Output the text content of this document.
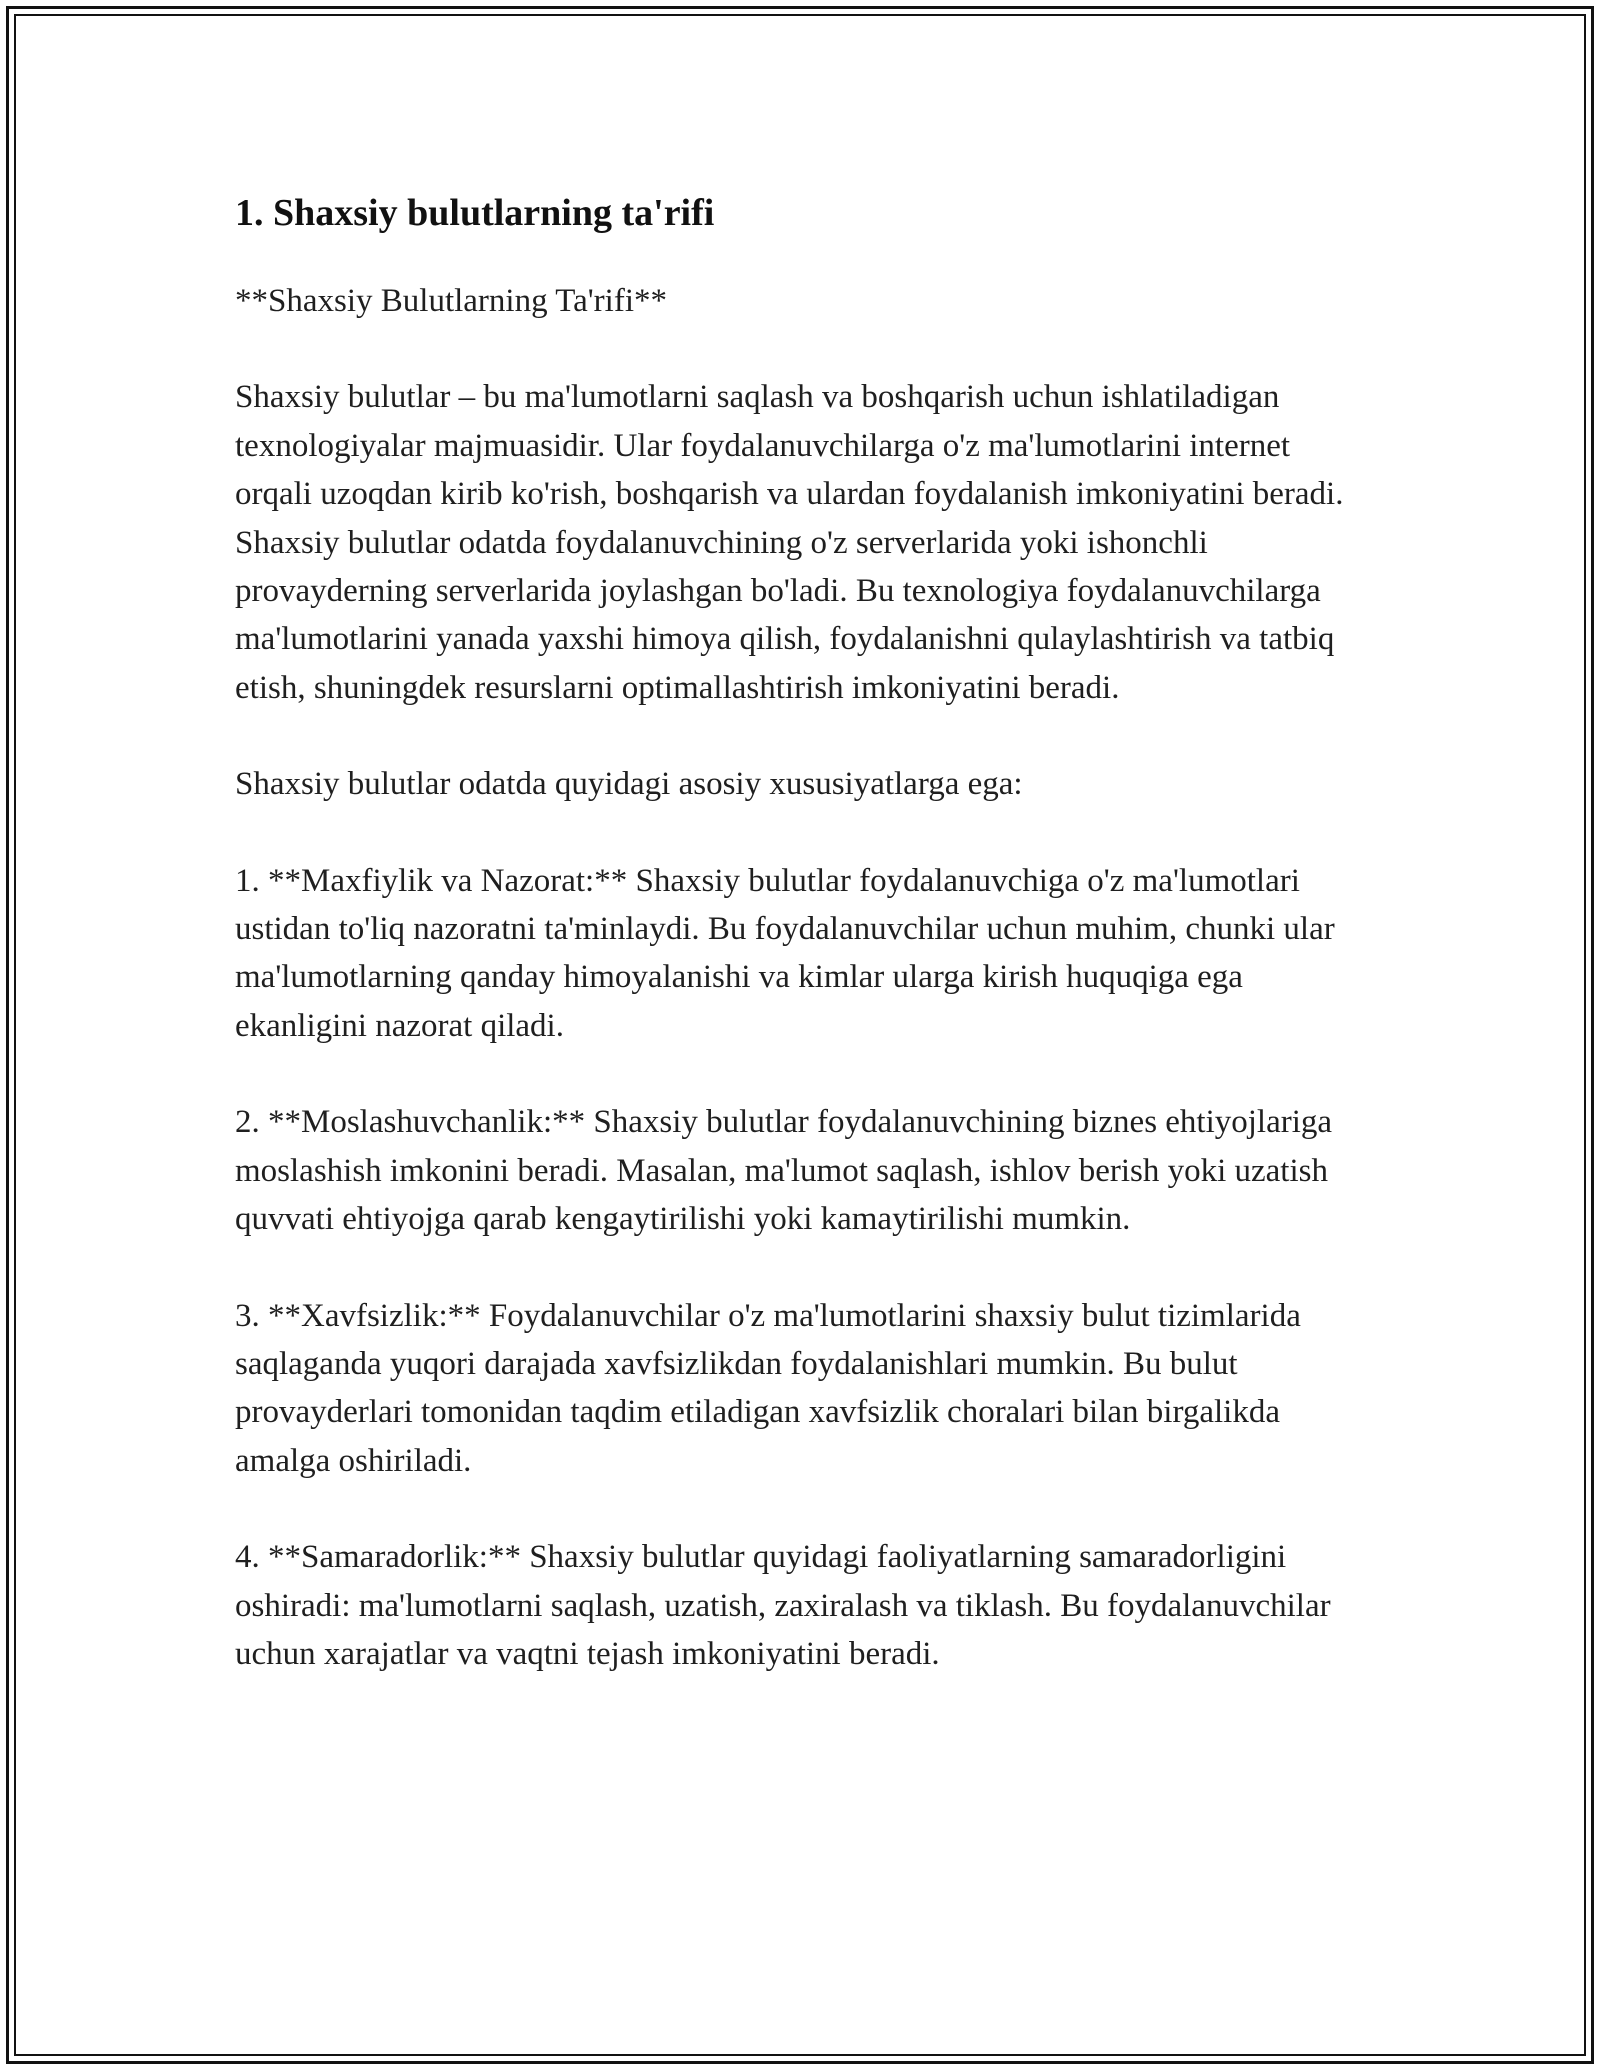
1. Shaxsiy bulutlarning ta'rifi

**Shaxsiy Bulutlarning Ta'rifi**

Shaxsiy bulutlar – bu ma'lumotlarni saqlash va boshqarish uchun ishlatiladigan texnologiyalar majmuasidir. Ular foydalanuvchilarga o'z ma'lumotlarini internet orqali uzoqdan kirib ko'rish, boshqarish va ulardan foydalanish imkoniyatini beradi. Shaxsiy bulutlar odatda foydalanuvchining o'z serverlarida yoki ishonchli provayderning serverlarida joylashgan bo'ladi. Bu texnologiya foydalanuvchilarga ma'lumotlarini yanada yaxshi himoya qilish, foydalanishni qulaylashtirish va tatbiq etish, shuningdek resurslarni optimallashtirish imkoniyatini beradi.

Shaxsiy bulutlar odatda quyidagi asosiy xususiyatlarga ega:

1. **Maxfiylik va Nazorat:** Shaxsiy bulutlar foydalanuvchiga o'z ma'lumotlari ustidan to'liq nazoratni ta'minlaydi. Bu foydalanuvchilar uchun muhim, chunki ular ma'lumotlarning qanday himoyalanishi va kimlar ularga kirish huquqiga ega ekanligini nazorat qiladi.

2. **Moslashuvchanlik:** Shaxsiy bulutlar foydalanuvchining biznes ehtiyojlariga moslashish imkonini beradi. Masalan, ma'lumot saqlash, ishlov berish yoki uzatish quvvati ehtiyojga qarab kengaytirilishi yoki kamaytirilishi mumkin.

3. **Xavfsizlik:** Foydalanuvchilar o'z ma'lumotlarini shaxsiy bulut tizimlarida saqlaganda yuqori darajada xavfsizlikdan foydalanishlari mumkin. Bu bulut provayderlari tomonidan taqdim etiladigan xavfsizlik choralari bilan birgalikda amalga oshiriladi.

4. **Samaradorlik:** Shaxsiy bulutlar quyidagi faoliyatlarning samaradorligini oshiradi: ma'lumotlarni saqlash, uzatish, zaxiralash va tiklash. Bu foydalanuvchilar uchun xarajatlar va vaqtni tejash imkoniyatini beradi.
